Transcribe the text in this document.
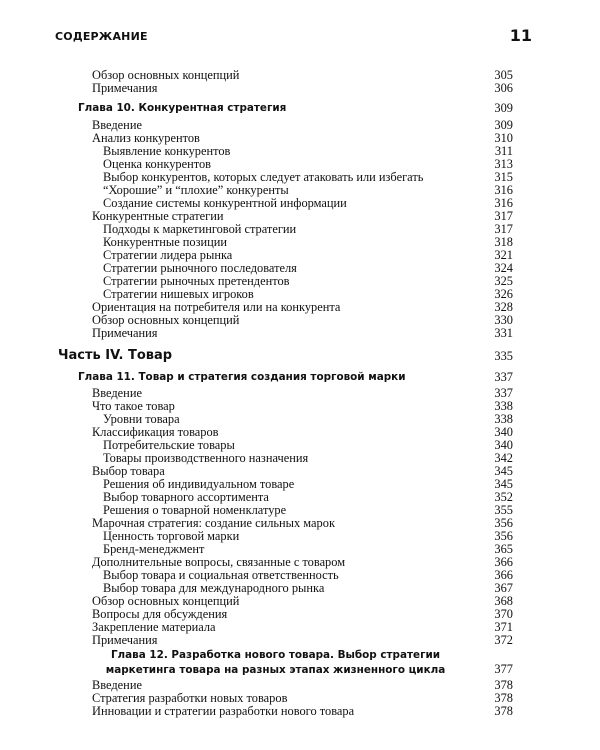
СОДЕРЖАНИЕ	11
Обзор основных концепций	305
Примечания	306
Глава 10. Конкурентная стратегия	309
Введение	309
Анализ конкурентов	310
Выявление конкурентов	311
Оценка конкурентов	313
Выбор конкурентов, которых следует атаковать или избегать	315
“Хорошие” и “плохие” конкуренты	316
Создание системы конкурентной информации	316
Конкурентные стратегии	317
Подходы к маркетинговой стратегии	317
Конкурентные позиции	318
Стратегии лидера рынка	321
Стратегии рыночного последователя	324
Стратегии рыночных претендентов	325
Стратегии нишевых игроков	326
Ориентация на потребителя или на конкурента	328
Обзор основных концепций	330
Примечания	331
Часть IV. Товар	335
Глава 11. Товар и стратегия создания торговой марки	337
Введение	337
Что такое товар	338
Уровни товара	338
Классификация товаров	340
Потребительские товары	340
Товары производственного назначения	342
Выбор товара	345
Решения об индивидуальном товаре	345
Выбор товарного ассортимента	352
Решения о товарной номенклатуре	355
Марочная стратегия: создание сильных марок	356
Ценность торговой марки	356
Бренд-менеджмент	365
Дополнительные вопросы, связанные с товаром	366
Выбор товара и социальная ответственность	366
Выбор товара для международного рынка	367
Обзор основных концепций	368
Вопросы для обсуждения	370
Закрепление материала	371
Примечания	372
Глава 12. Разработка нового товара. Выбор стратегии маркетинга товара на разных этапах жизненного цикла	377
Введение	378
Стратегия разработки новых товаров	378
Инновации и стратегии разработки нового товара	378
